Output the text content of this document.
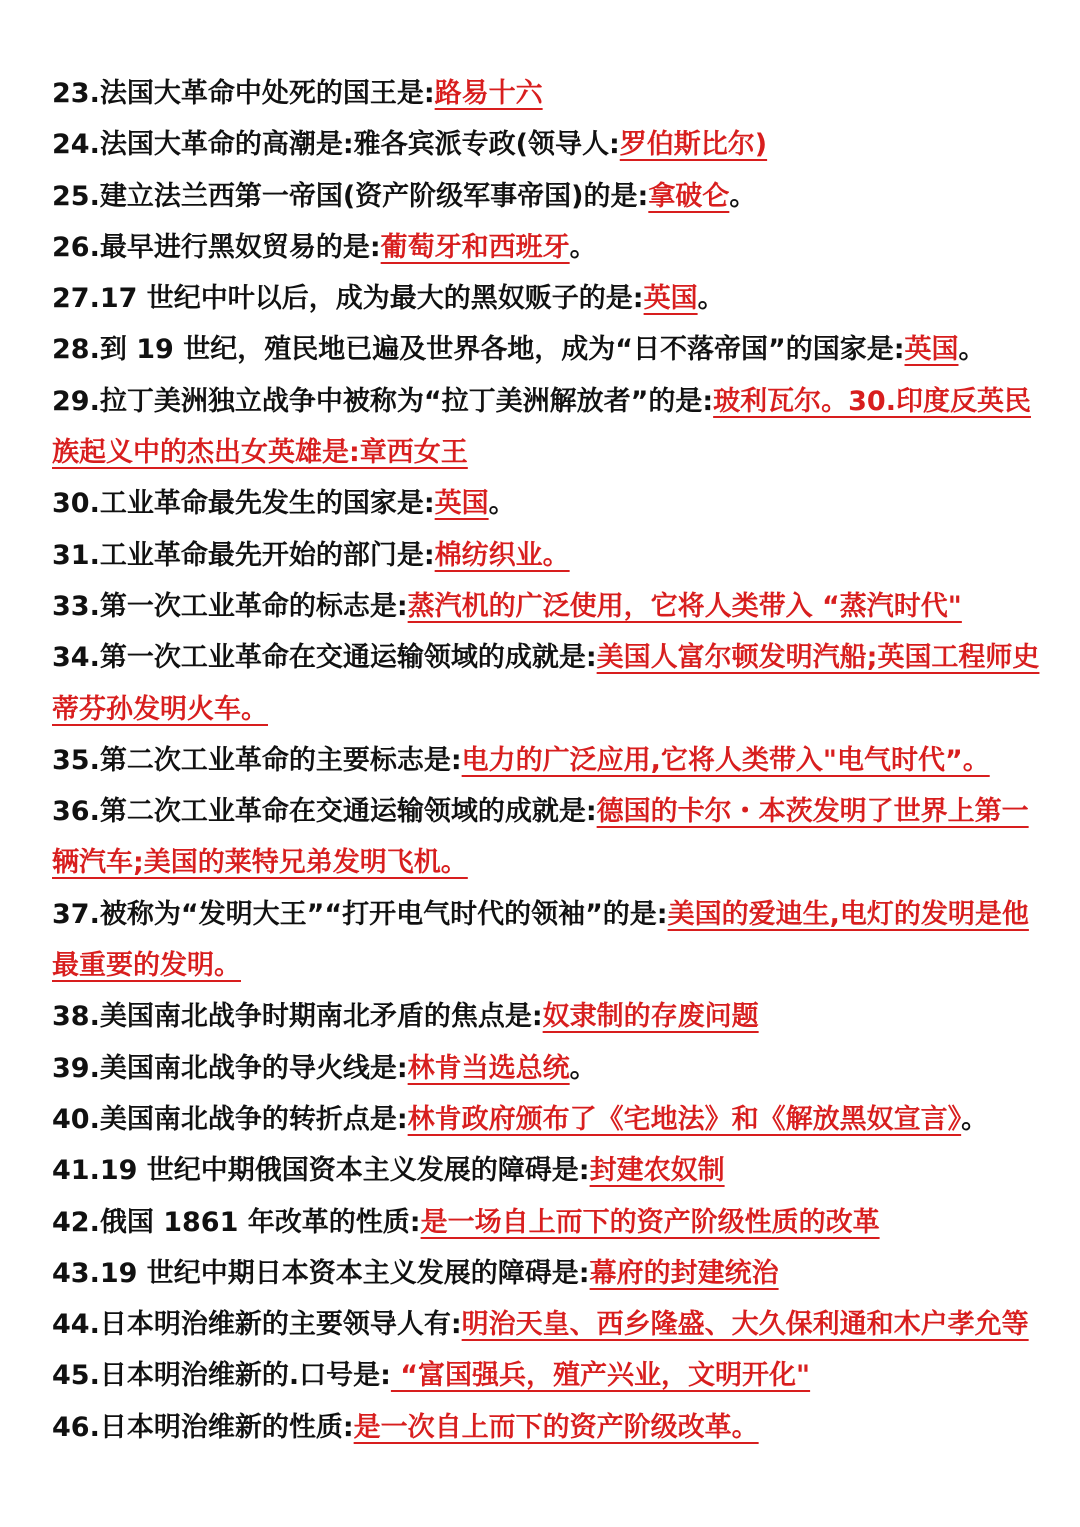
23.法国大革命中处死的国王是:路易十六

24.法国大革命的高潮是:雅各宾派专政(领导人:罗伯斯比尔)

25.建立法兰西第一帝国(资产阶级军事帝国)的是:拿破仑。

26.最早进行黑奴贸易的是:葡萄牙和西班牙。

27.17 世纪中叶以后，成为最大的黑奴贩子的是:英国。

28.到 19 世纪，殖民地已遍及世界各地，成为“日不落帝国”的国家是:英国。

29.拉丁美洲独立战争中被称为“拉丁美洲解放者”的是:玻利瓦尔。30.印度反英民族起义中的杰出女英雄是:章西女王

30.工业革命最先发生的国家是:英国。

31.工业革命最先开始的部门是:棉纺织业。

33.第一次工业革命的标志是:蒸汽机的广泛使用，它将人类带入 “蒸汽时代"

34.第一次工业革命在交通运输领域的成就是:美国人富尔顿发明汽船;英国工程师史蒂芬孙发明火车。

35.第二次工业革命的主要标志是:电力的广泛应用,它将人类带入"电气时代”。

36.第二次工业革命在交通运输领域的成就是:德国的卡尔・本茨发明了世界上第一辆汽车;美国的莱特兄弟发明飞机。

37.被称为“发明大王”“打开电气时代的领袖”的是:美国的爱迪生,电灯的发明是他最重要的发明。

38.美国南北战争时期南北矛盾的焦点是:奴隶制的存废问题

39.美国南北战争的导火线是:林肯当选总统。

40.美国南北战争的转折点是:林肯政府颁布了《宅地法》和《解放黑奴宣言》。

41.19 世纪中期俄国资本主义发展的障碍是:封建农奴制

42.俄国 1861 年改革的性质:是一场自上而下的资产阶级性质的改革

43.19 世纪中期日本资本主义发展的障碍是:幕府的封建统治

44.日本明治维新的主要领导人有:明治天皇、西乡隆盛、大久保利通和木户孝允等

45.日本明治维新的.口号是: “富国强兵，殖产兴业，文明开化"

46.日本明治维新的性质:是一次自上而下的资产阶级改革。
